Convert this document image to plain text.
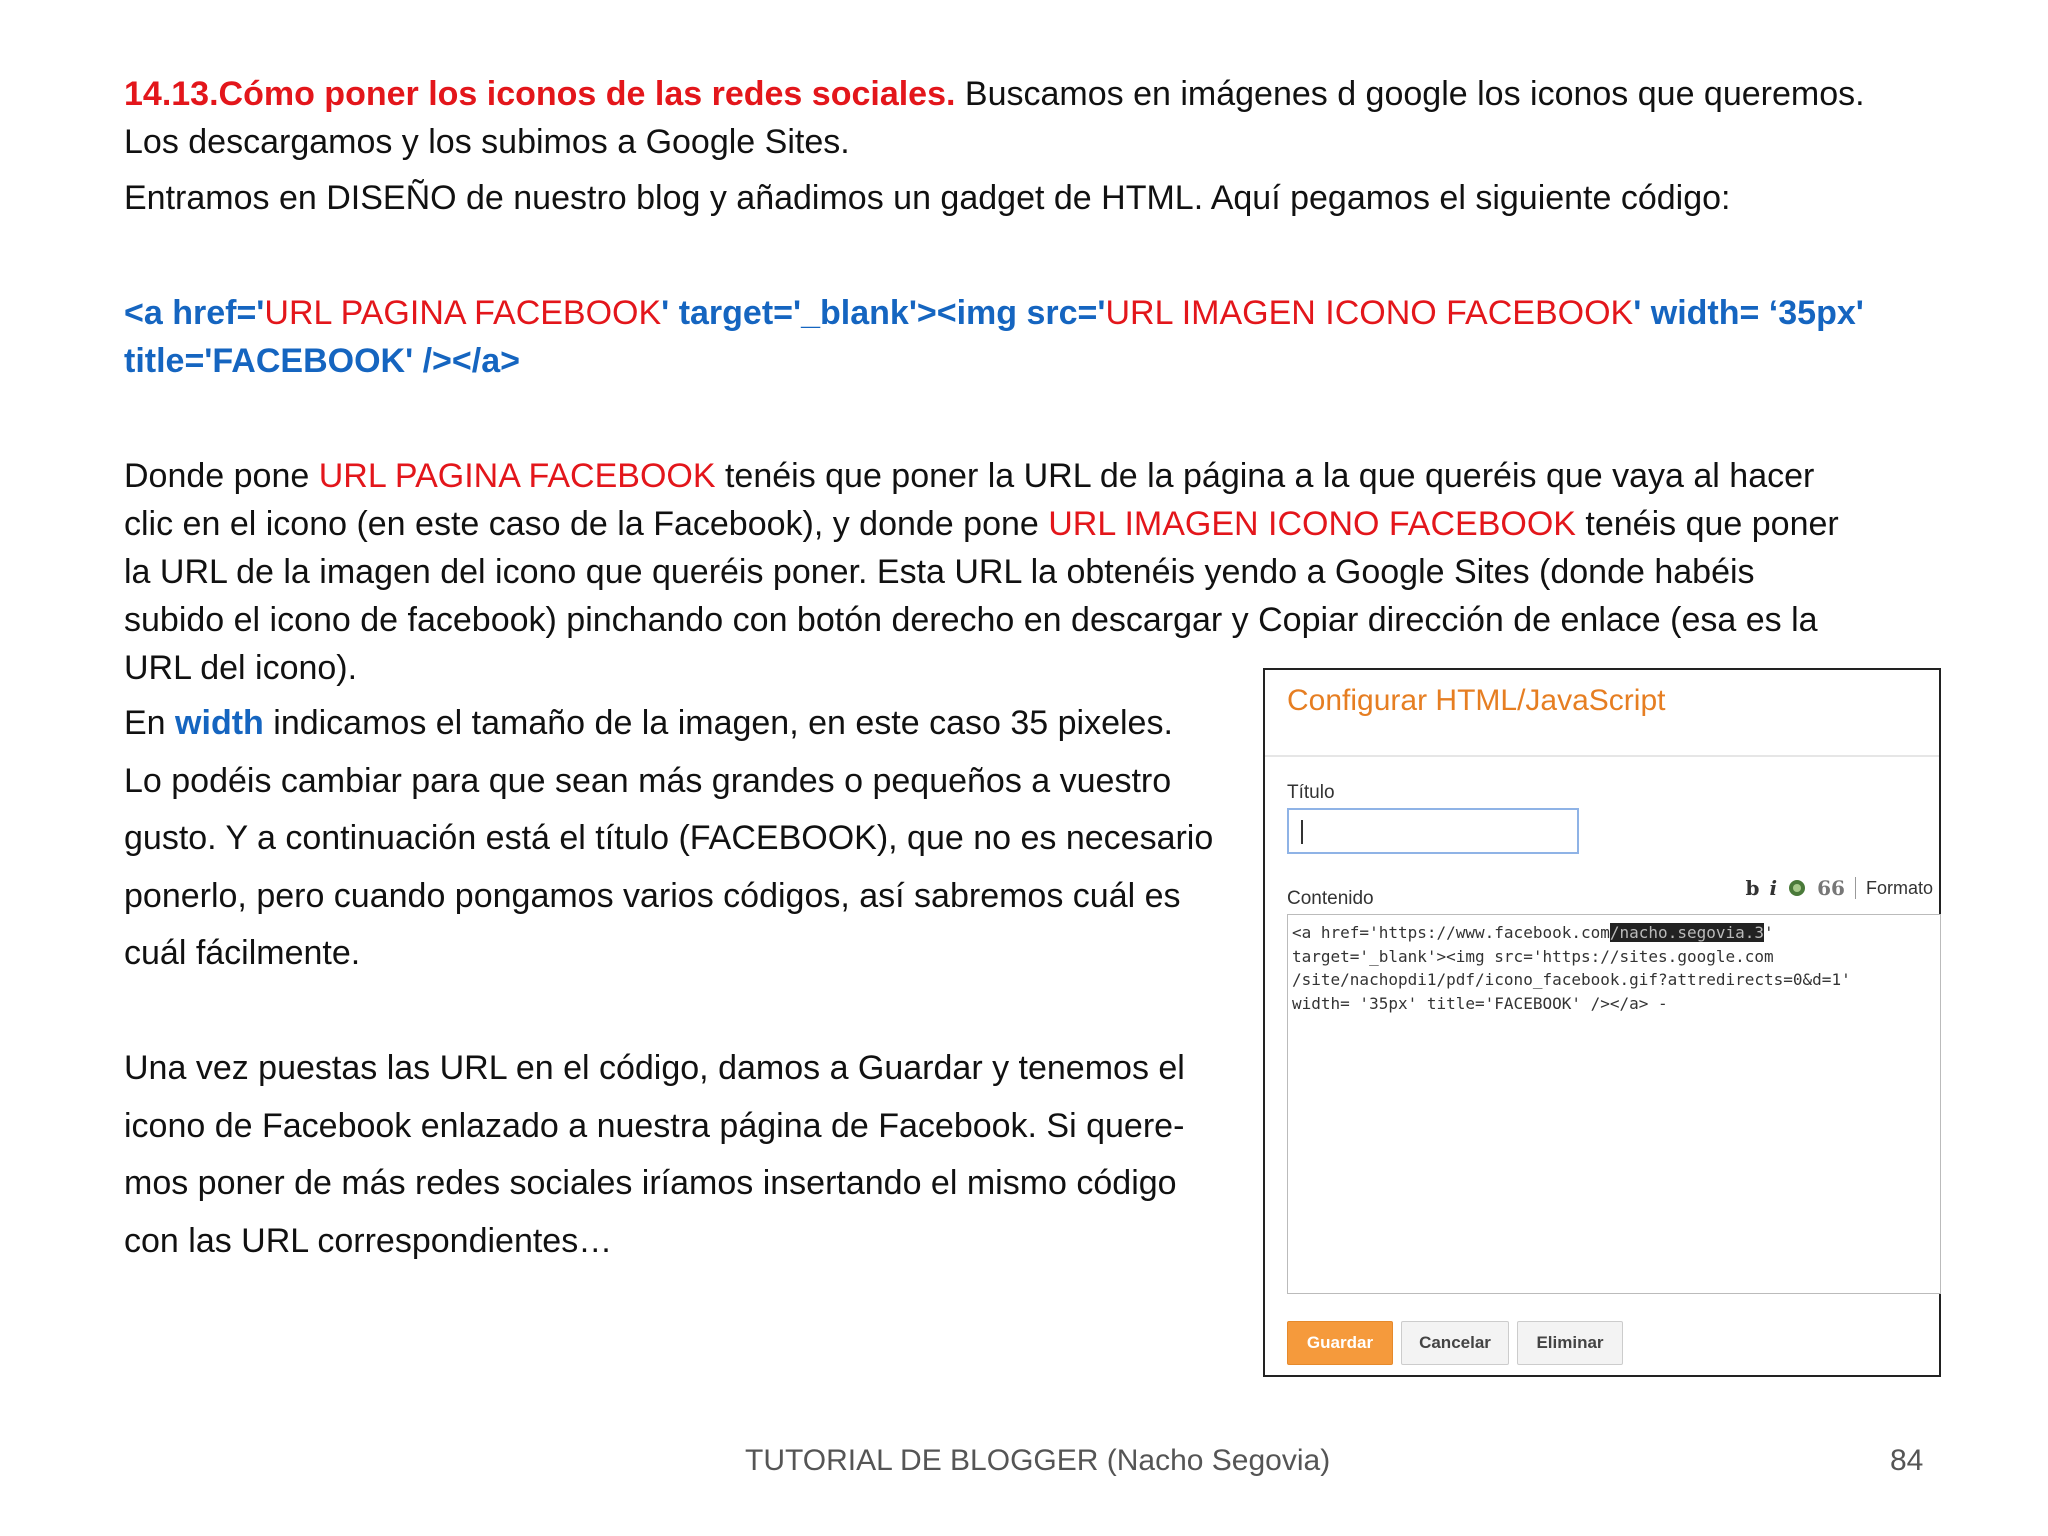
14.13.Cómo poner los iconos de las redes sociales. Buscamos en imágenes d google los iconos que queremos.
Los descargamos y los subimos a Google Sites.

Entramos en DISEÑO de nuestro blog y añadimos un gadget de HTML. Aquí pegamos el siguiente código:

<a href='URL PAGINA FACEBOOK' target='_blank'><img src='URL IMAGEN ICONO FACEBOOK' width= ‘35px'
title='FACEBOOK' /></a>

Donde pone URL PAGINA FACEBOOK tenéis que poner la URL de la página a la que queréis que vaya al hacer
clic en el icono (en este caso de la Facebook), y donde pone URL IMAGEN ICONO FACEBOOK tenéis que poner
la URL de la imagen del icono que queréis poner. Esta URL la obtenéis yendo a Google Sites (donde habéis
subido el icono de facebook) pinchando con botón derecho en descargar y Copiar dirección de enlace (esa es la
URL del icono).

En width indicamos el tamaño de la imagen, en este caso 35 pixeles.
Lo podéis cambiar para que sean más grandes o pequeños a vuestro
gusto. Y a continuación está el título (FACEBOOK), que no es necesario
ponerlo, pero cuando pongamos varios códigos, así sabremos cuál es
cuál fácilmente.

Una vez puestas las URL en el código, damos a Guardar y tenemos el
icono de Facebook enlazado a nuestra página de Facebook. Si quere-
mos poner de más redes sociales iríamos insertando el mismo código
con las URL correspondientes…

Configurar HTML/JavaScript
Título
Contenido	b i 66 Formato
<a href='https://www.facebook.com/nacho.segovia.3'
target='_blank'><img src='https://sites.google.com
/site/nachopdi1/pdf/icono_facebook.gif?attredirects=0&d=1'
width= '35px' title='FACEBOOK' /></a> -
Guardar	Cancelar	Eliminar
TUTORIAL DE BLOGGER (Nacho Segovia)	84
